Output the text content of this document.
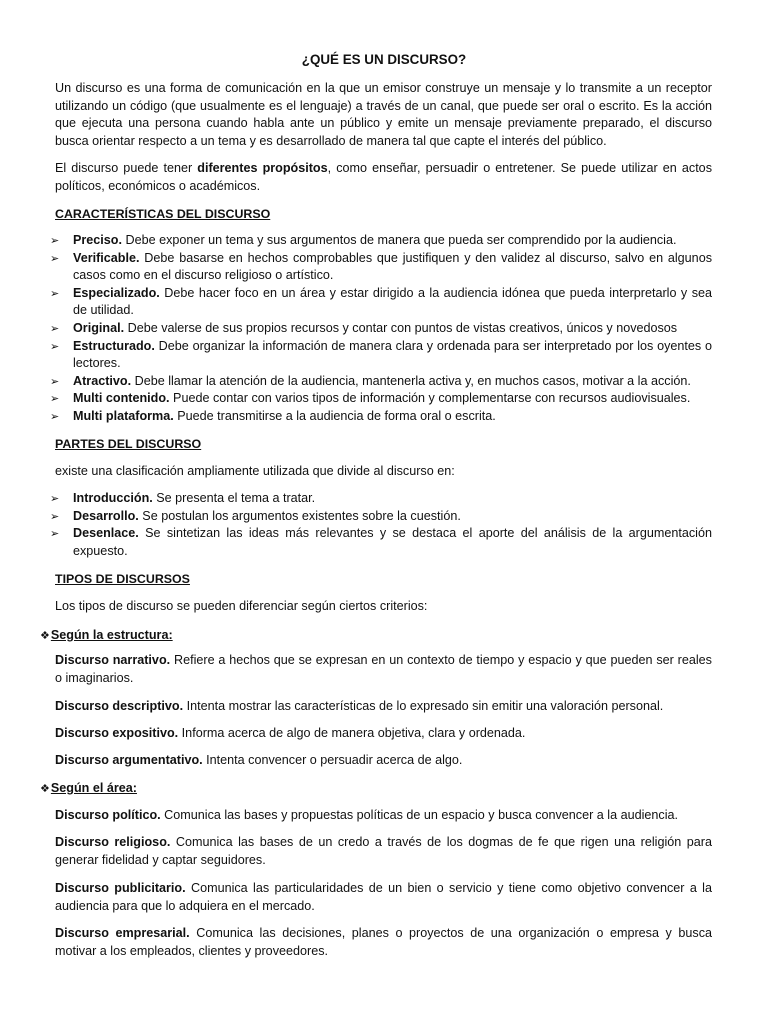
¿QUÉ ES UN DISCURSO?

Un discurso es una forma de comunicación en la que un emisor construye un mensaje y lo transmite a un receptor utilizando un código (que usualmente es el lenguaje) a través de un canal, que puede ser oral o escrito. Es la acción que ejecuta una persona cuando habla ante un público y emite un mensaje previamente preparado, el discurso busca orientar respecto a un tema y es desarrollado de manera tal que capte el interés del público.

El discurso puede tener diferentes propósitos, como enseñar, persuadir o entretener. Se puede utilizar en actos políticos, económicos o académicos.

CARACTERÍSTICAS DEL DISCURSO
➢	Preciso. Debe exponer un tema y sus argumentos de manera que pueda ser comprendido por la audiencia.
➢	Verificable. Debe basarse en hechos comprobables que justifiquen y den validez al discurso, salvo en algunos casos como en el discurso religioso o artístico.
➢	Especializado. Debe hacer foco en un área y estar dirigido a la audiencia idónea que pueda interpretarlo y sea de utilidad.
➢	Original. Debe valerse de sus propios recursos y contar con puntos de vistas creativos, únicos y novedosos
➢	Estructurado. Debe organizar la información de manera clara y ordenada para ser interpretado por los oyentes o lectores.
➢	Atractivo. Debe llamar la atención de la audiencia, mantenerla activa y, en muchos casos, motivar a la acción.
➢	Multi contenido. Puede contar con varios tipos de información y complementarse con recursos audiovisuales.
➢	Multi plataforma. Puede transmitirse a la audiencia de forma oral o escrita.
PARTES DEL DISCURSO

existe una clasificación ampliamente utilizada que divide al discurso en:

➢	Introducción. Se presenta el tema a tratar.
➢	Desarrollo. Se postulan los argumentos existentes sobre la cuestión.
➢	Desenlace. Se sintetizan las ideas más relevantes y se destaca el aporte del análisis de la argumentación expuesto.
TIPOS DE DISCURSOS

Los tipos de discurso se pueden diferenciar según ciertos criterios:

❖Según la estructura:

Discurso narrativo. Refiere a hechos que se expresan en un contexto de tiempo y espacio y que pueden ser reales o imaginarios.

Discurso descriptivo. Intenta mostrar las características de lo expresado sin emitir una valoración personal.

Discurso expositivo. Informa acerca de algo de manera objetiva, clara y ordenada.

Discurso argumentativo. Intenta convencer o persuadir acerca de algo.

❖Según el área:

Discurso político. Comunica las bases y propuestas políticas de un espacio y busca convencer a la audiencia.

Discurso religioso. Comunica las bases de un credo a través de los dogmas de fe que rigen una religión para generar fidelidad y captar seguidores.

Discurso publicitario. Comunica las particularidades de un bien o servicio y tiene como objetivo convencer a la audiencia para que lo adquiera en el mercado.

Discurso empresarial. Comunica las decisiones, planes o proyectos de una organización o empresa y busca motivar a los empleados, clientes y proveedores.
